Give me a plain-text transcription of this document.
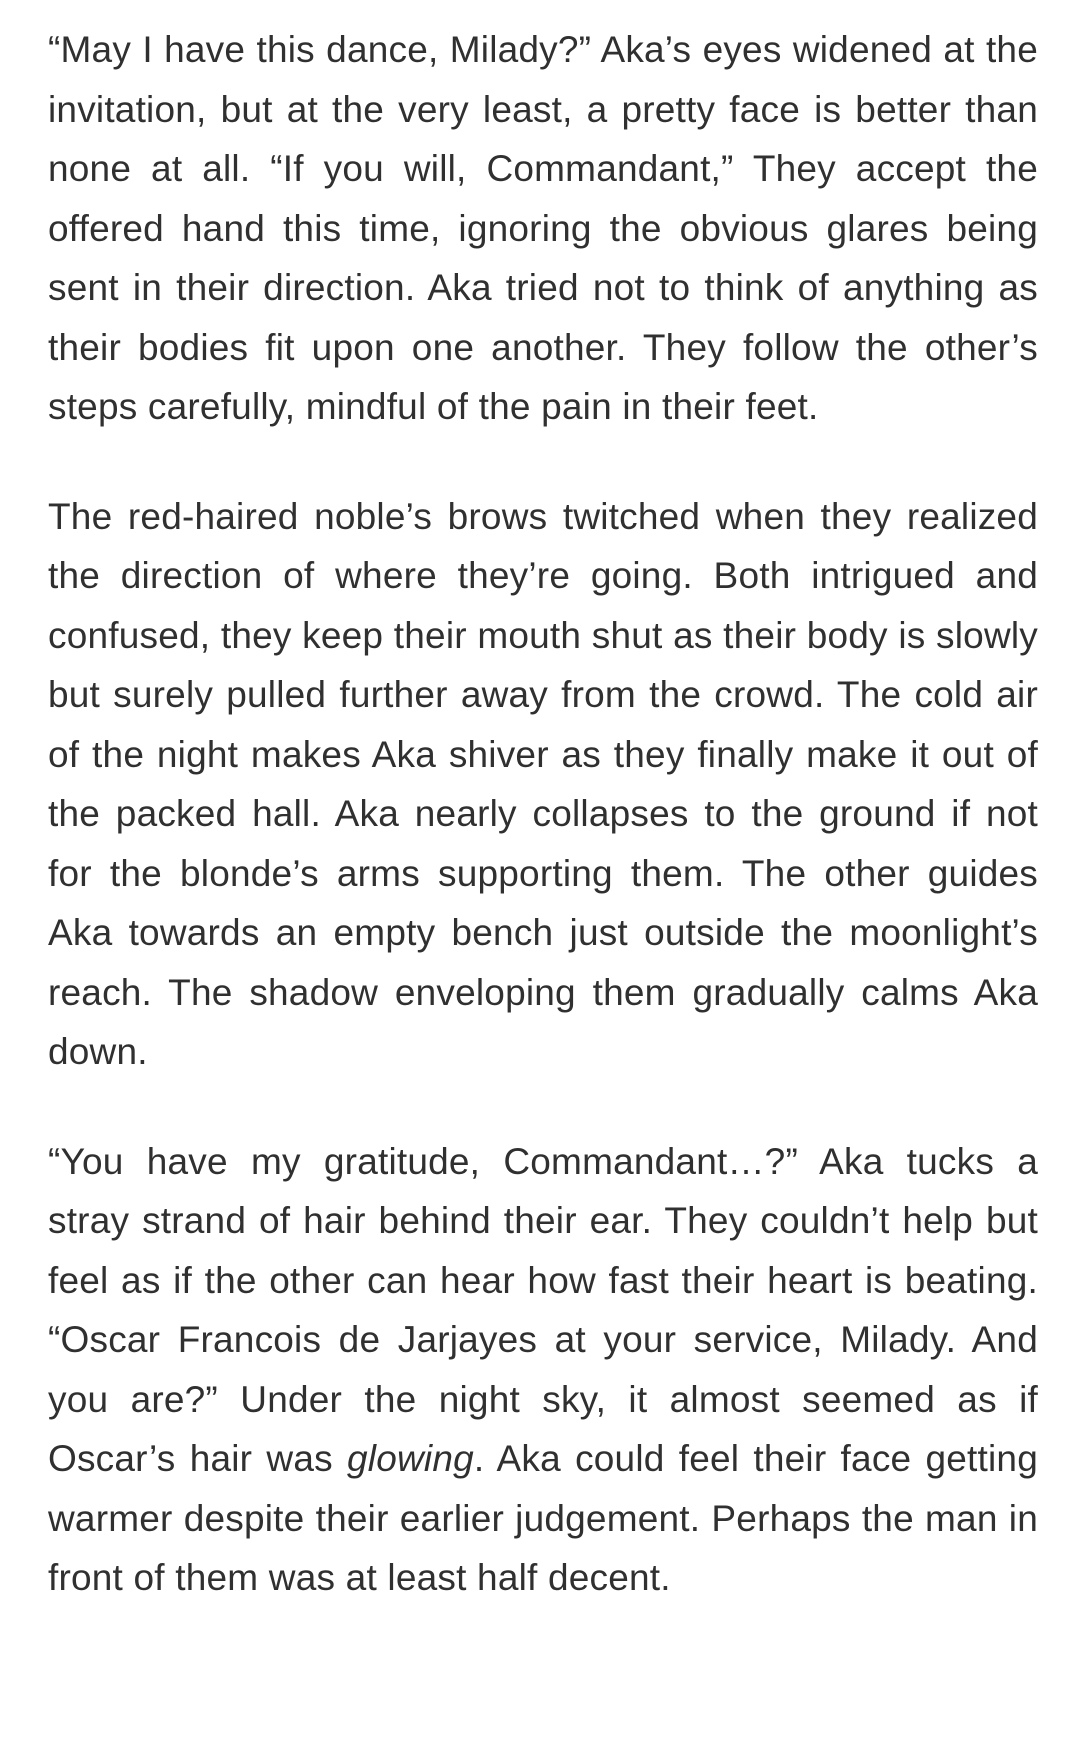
“May I have this dance, Milady?” Aka’s eyes widened at the invitation, but at the very least, a pretty face is better than none at all. “If you will, Commandant,” They accept the offered hand this time, ignoring the obvious glares being sent in their direction. Aka tried not to think of anything as their bodies fit upon one another. They follow the other’s steps carefully, mindful of the pain in their feet.

The red-haired noble’s brows twitched when they realized the direction of where they’re going. Both intrigued and confused, they keep their mouth shut as their body is slowly but surely pulled further away from the crowd. The cold air of the night makes Aka shiver as they finally make it out of the packed hall. Aka nearly collapses to the ground if not for the blonde’s arms supporting them. The other guides Aka towards an empty bench just outside the moonlight’s reach. The shadow enveloping them gradually calms Aka down.

“You have my gratitude, Commandant…?” Aka tucks a stray strand of hair behind their ear. They couldn’t help but feel as if the other can hear how fast their heart is beating. “Oscar Francois de Jarjayes at your service, Milady. And you are?” Under the night sky, it almost seemed as if Oscar’s hair was glowing. Aka could feel their face getting warmer despite their earlier judgement. Perhaps the man in front of them was at least half decent.
